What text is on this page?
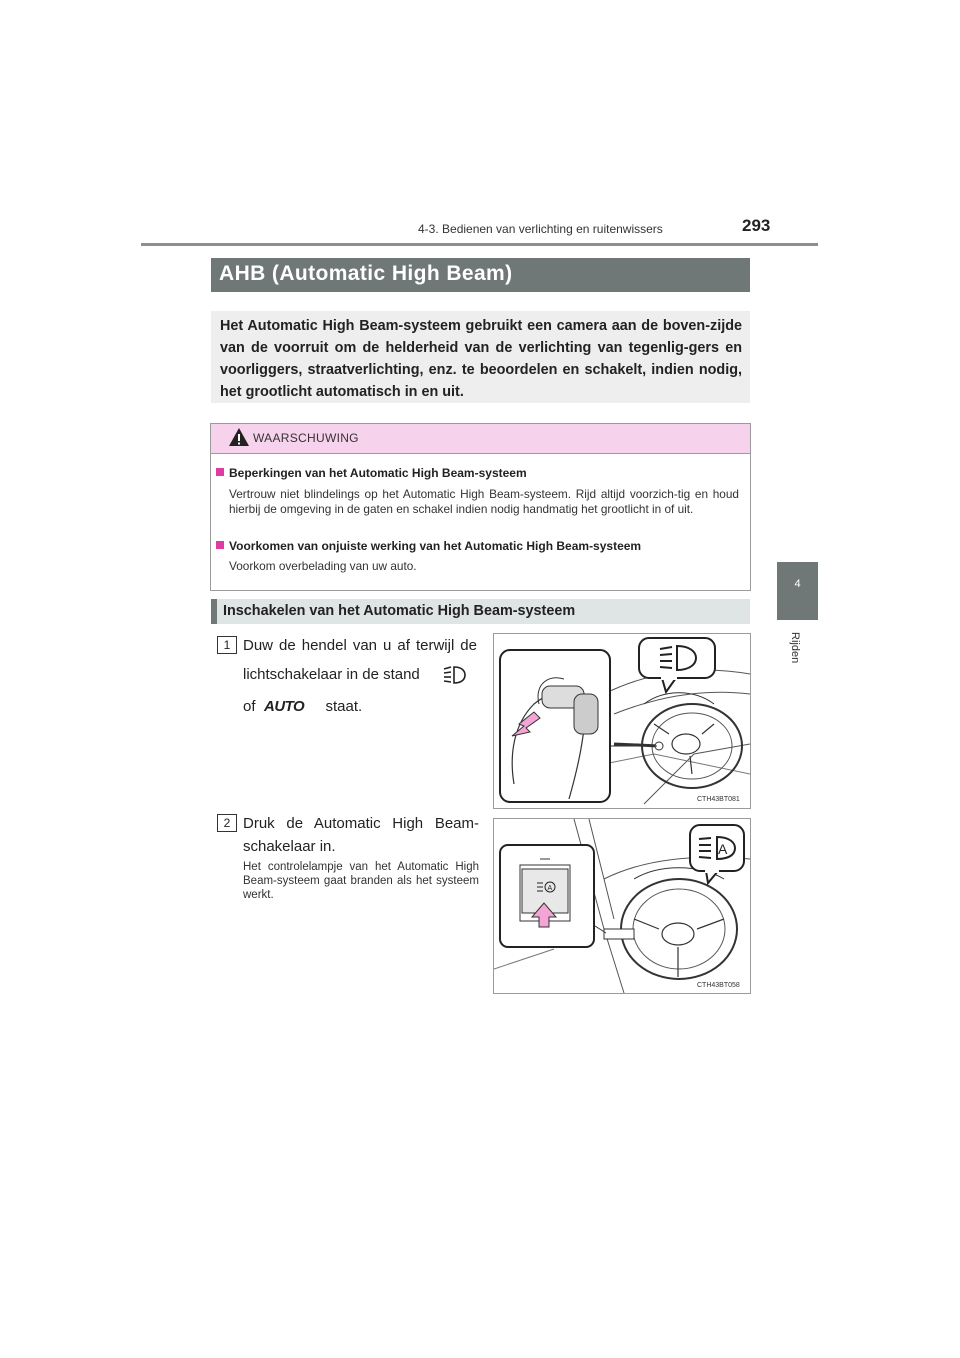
4-3. Bedienen van verlichting en ruitenwissers	293
4
Rijden
AHB (Automatic High Beam)
Het Automatic High Beam-systeem gebruikt een camera aan de boven-zijde van de voorruit om de helderheid van de verlichting van tegenlig-gers en voorliggers, straatverlichting, enz. te beoordelen en schakelt, indien nodig, het grootlicht automatisch in en uit.
WAARSCHUWING
Beperkingen van het Automatic High Beam-systeem
Vertrouw niet blindelings op het Automatic High Beam-systeem. Rijd altijd voorzich-tig en houd hierbij de omgeving in de gaten en schakel indien nodig handmatig het grootlicht in of uit.
Voorkomen van onjuiste werking van het Automatic High Beam-systeem
Voorkom overbelading van uw auto.
Inschakelen van het Automatic High Beam-systeem
1 Duw de hendel van u af terwijl de
lichtschakelaar in de stand
of	staat.
AUTO
CTH43BT081
2 Druk de Automatic High Beam-schakelaar in.
Het controlelampje van het Automatic High Beam-systeem gaat branden als het systeem werkt.
A
A
CTH43BT058
